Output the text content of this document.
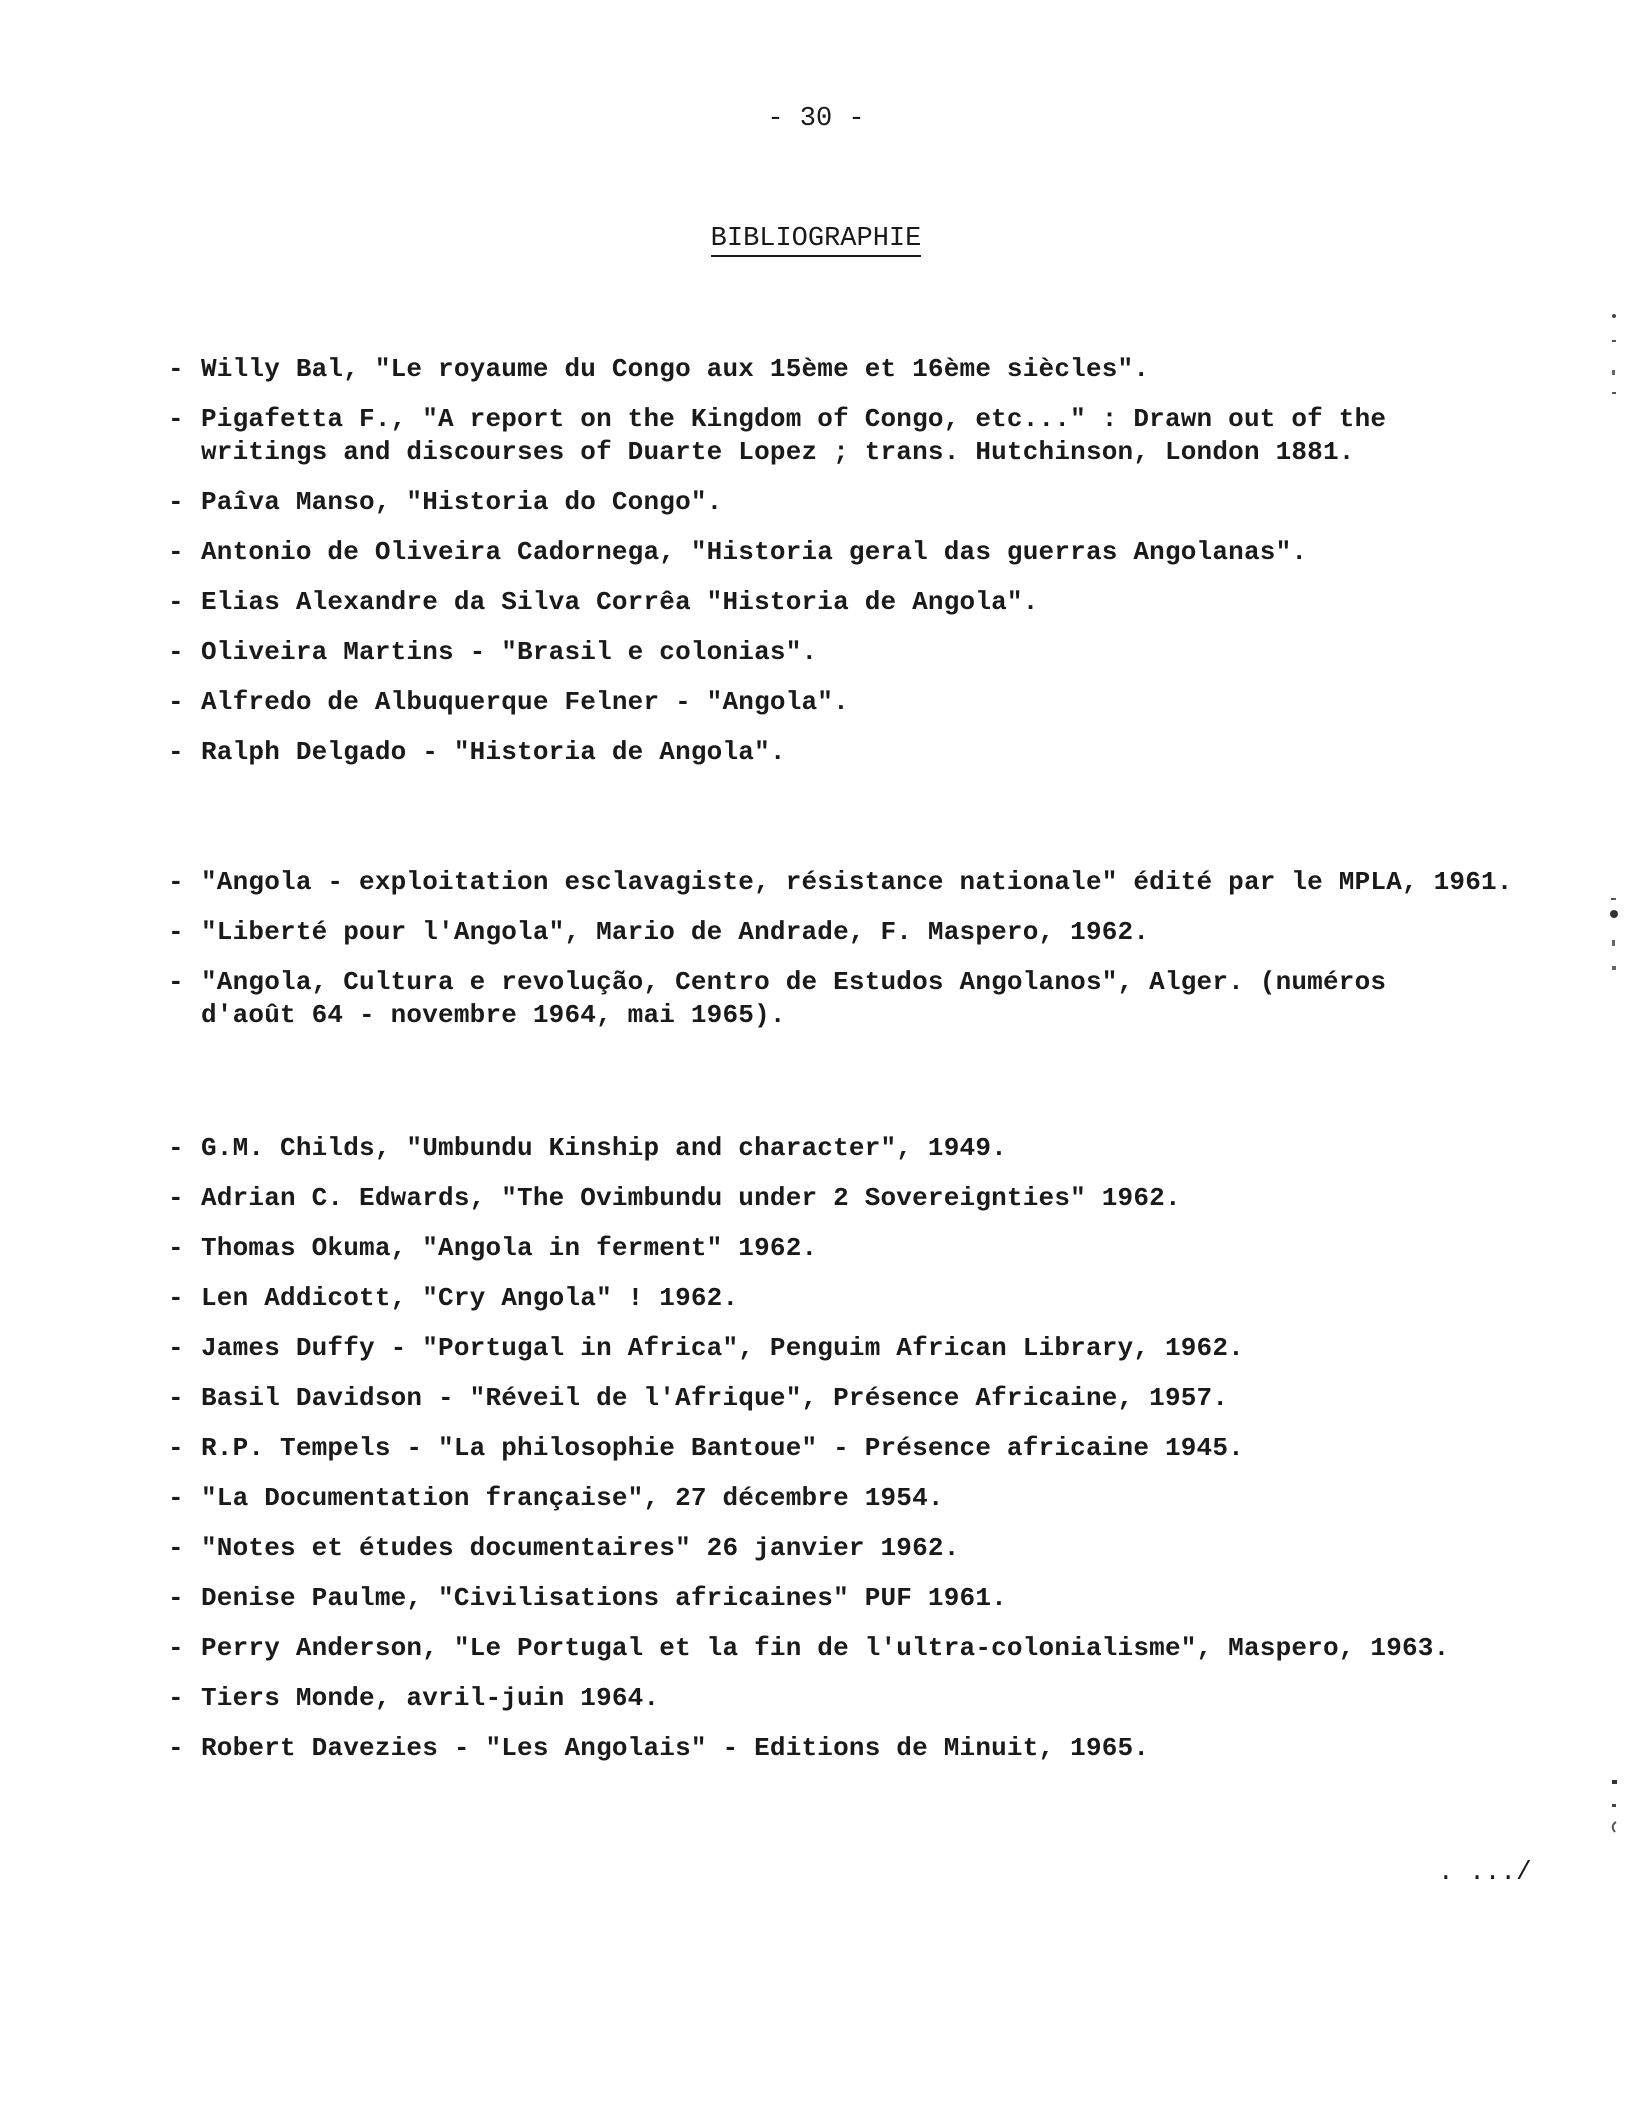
- 30 -
BIBLIOGRAPHIE
- Willy Bal, "Le royaume du Congo aux 15ème et 16ème siècles".
- Pigafetta F., "A report on the Kingdom of Congo, etc..." : Drawn out of the
writings and discourses of Duarte Lopez ; trans. Hutchinson, London 1881.
- Paîva Manso, "Historia do Congo".
- Antonio de Oliveira Cadornega, "Historia geral das guerras Angolanas".
- Elias Alexandre da Silva Corrêa "Historia de Angola".
- Oliveira Martins - "Brasil e colonias".
- Alfredo de Albuquerque Felner - "Angola".
- Ralph Delgado - "Historia de Angola".
- "Angola - exploitation esclavagiste, résistance nationale" édité par le MPLA, 1961.
- "Liberté pour l'Angola", Mario de Andrade, F. Maspero, 1962.
- "Angola, Cultura e revolução, Centro de Estudos Angolanos", Alger. (numéros
d'août 64 - novembre 1964, mai 1965).
- G.M. Childs, "Umbundu Kinship and character", 1949.
- Adrian C. Edwards, "The Ovimbundu under 2 Sovereignties" 1962.
- Thomas Okuma, "Angola in ferment" 1962.
- Len Addicott, "Cry Angola" ! 1962.
- James Duffy - "Portugal in Africa", Penguim African Library, 1962.
- Basil Davidson - "Réveil de l'Afrique", Présence Africaine, 1957.
- R.P. Tempels - "La philosophie Bantoue" - Présence africaine 1945.
- "La Documentation française", 27 décembre 1954.
- "Notes et études documentaires" 26 janvier 1962.
- Denise Paulme, "Civilisations africaines" PUF 1961.
- Perry Anderson, "Le Portugal et la fin de l'ultra-colonialisme", Maspero, 1963.
- Tiers Monde, avril-juin 1964.
- Robert Davezies - "Les Angolais" - Editions de Minuit, 1965.
. .../
